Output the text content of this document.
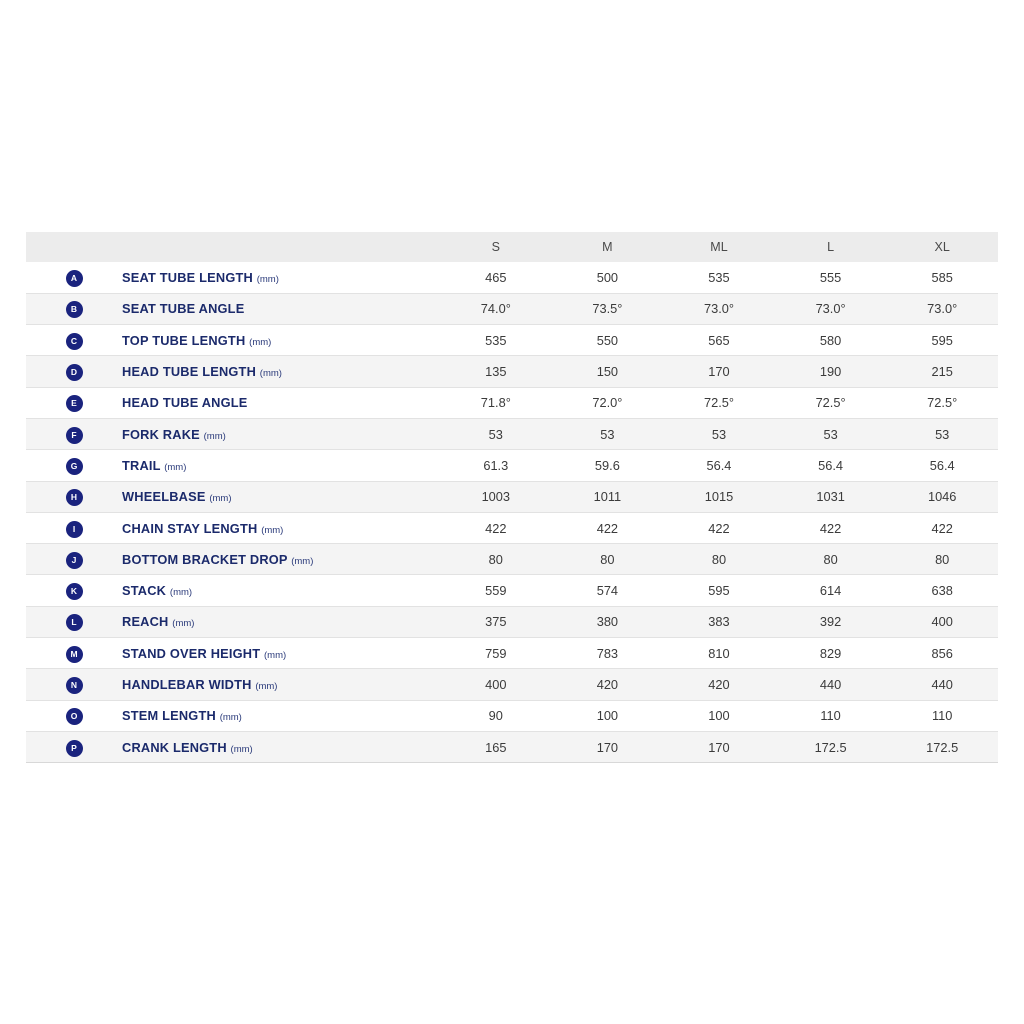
		S	M	ML	L	XL
A	SEAT TUBE LENGTH (mm)	465	500	535	555	585
B	SEAT TUBE ANGLE	74.0°	73.5°	73.0°	73.0°	73.0°
C	TOP TUBE LENGTH (mm)	535	550	565	580	595
D	HEAD TUBE LENGTH (mm)	135	150	170	190	215
E	HEAD TUBE ANGLE	71.8°	72.0°	72.5°	72.5°	72.5°
F	FORK RAKE (mm)	53	53	53	53	53
G	TRAIL (mm)	61.3	59.6	56.4	56.4	56.4
H	WHEELBASE (mm)	1003	1011	1015	1031	1046
I	CHAIN STAY LENGTH (mm)	422	422	422	422	422
J	BOTTOM BRACKET DROP (mm)	80	80	80	80	80
K	STACK (mm)	559	574	595	614	638
L	REACH (mm)	375	380	383	392	400
M	STAND OVER HEIGHT (mm)	759	783	810	829	856
N	HANDLEBAR WIDTH (mm)	400	420	420	440	440
O	STEM LENGTH (mm)	90	100	100	110	110
P	CRANK LENGTH (mm)	165	170	170	172.5	172.5
